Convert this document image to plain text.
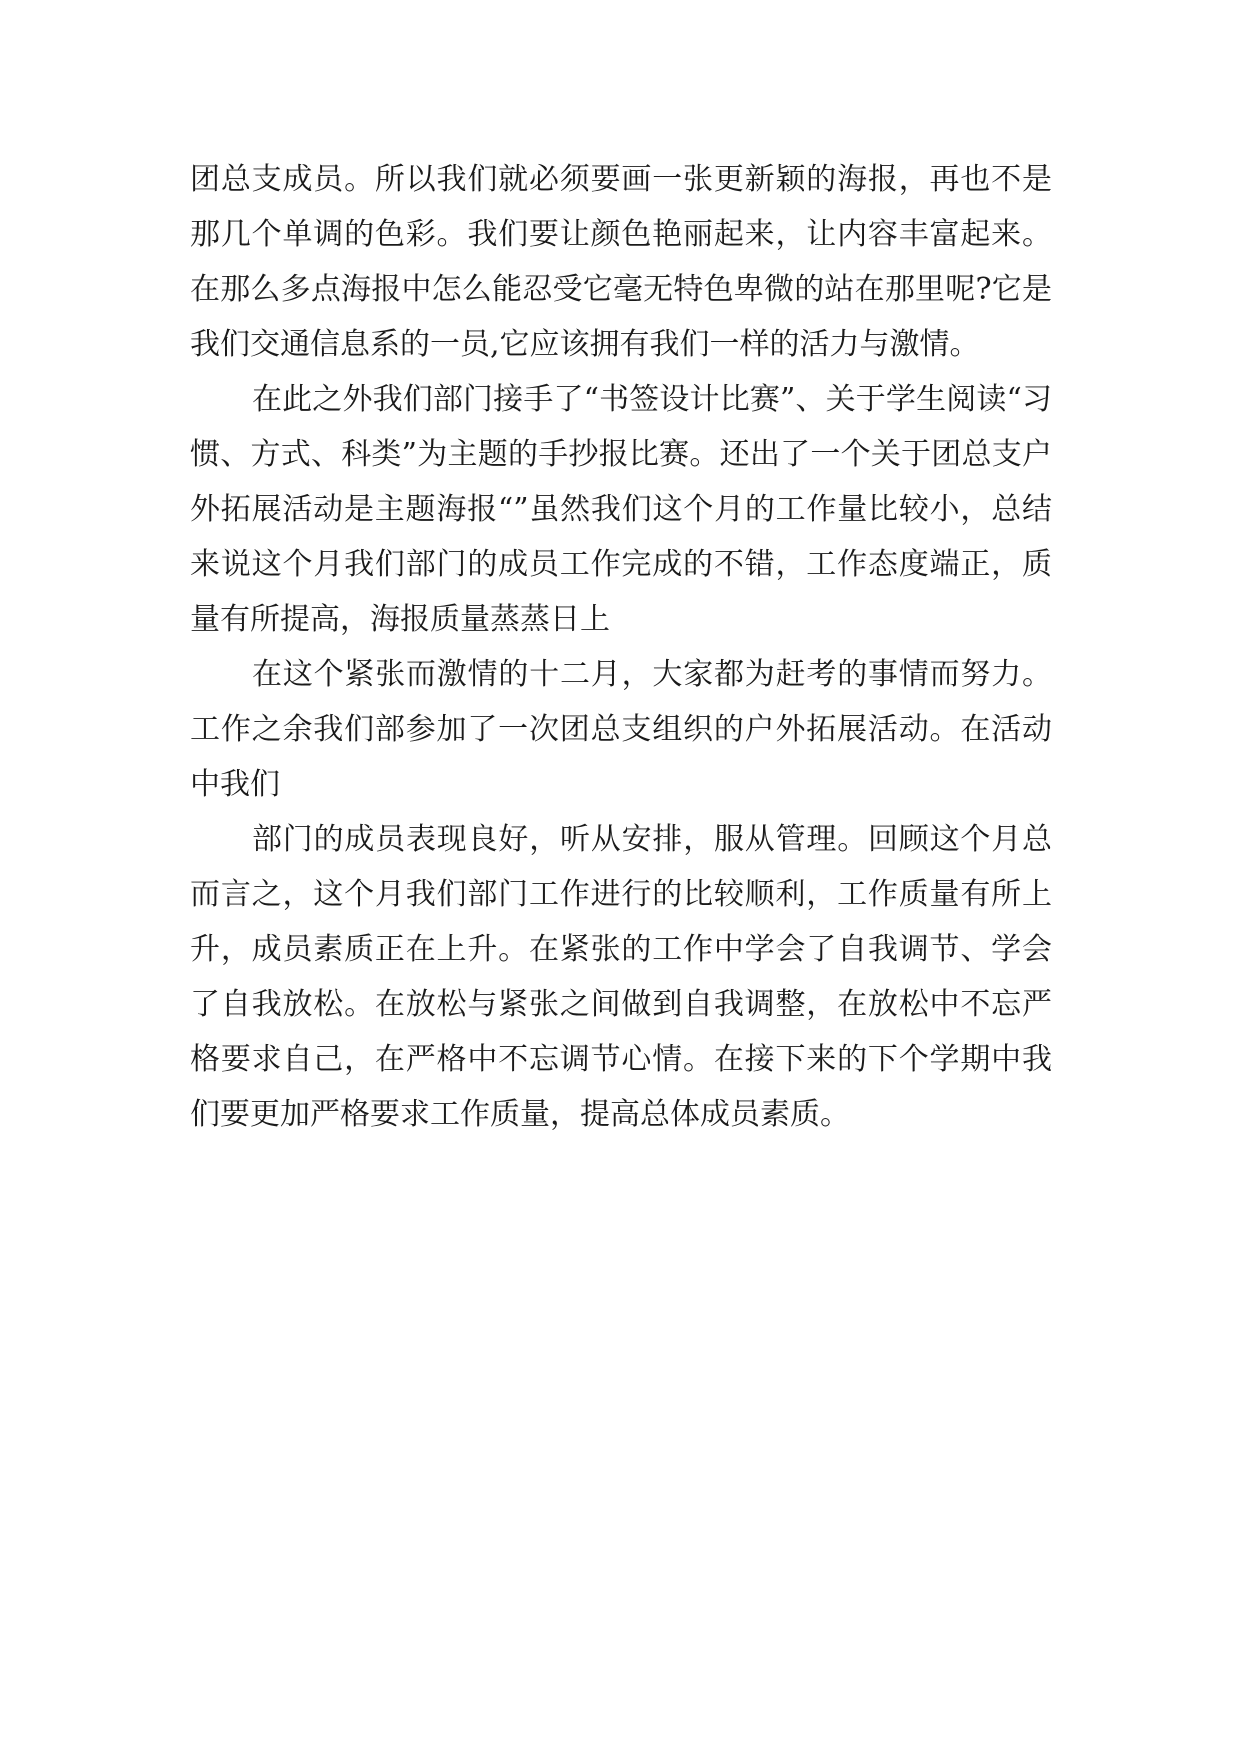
团总支成员。所以我们就必须要画一张更新颖的海报，再也不是那几个单调的色彩。我们要让颜色艳丽起来，让内容丰富起来。在那么多点海报中怎么能忍受它毫无特色卑微的站在那里呢?它是我们交通信息系的一员,它应该拥有我们一样的活力与激情。

在此之外我们部门接手了“书签设计比赛”、关于学生阅读“习惯、方式、科类”为主题的手抄报比赛。还出了一个关于团总支户外拓展活动是主题海报“”虽然我们这个月的工作量比较小，总结来说这个月我们部门的成员工作完成的不错，工作态度端正，质量有所提高，海报质量蒸蒸日上

在这个紧张而激情的十二月，大家都为赶考的事情而努力。工作之余我们部参加了一次团总支组织的户外拓展活动。在活动中我们

部门的成员表现良好，听从安排，服从管理。回顾这个月总而言之，这个月我们部门工作进行的比较顺利，工作质量有所上升，成员素质正在上升。在紧张的工作中学会了自我调节、学会了自我放松。在放松与紧张之间做到自我调整，在放松中不忘严格要求自己，在严格中不忘调节心情。在接下来的下个学期中我们要更加严格要求工作质量，提高总体成员素质。
